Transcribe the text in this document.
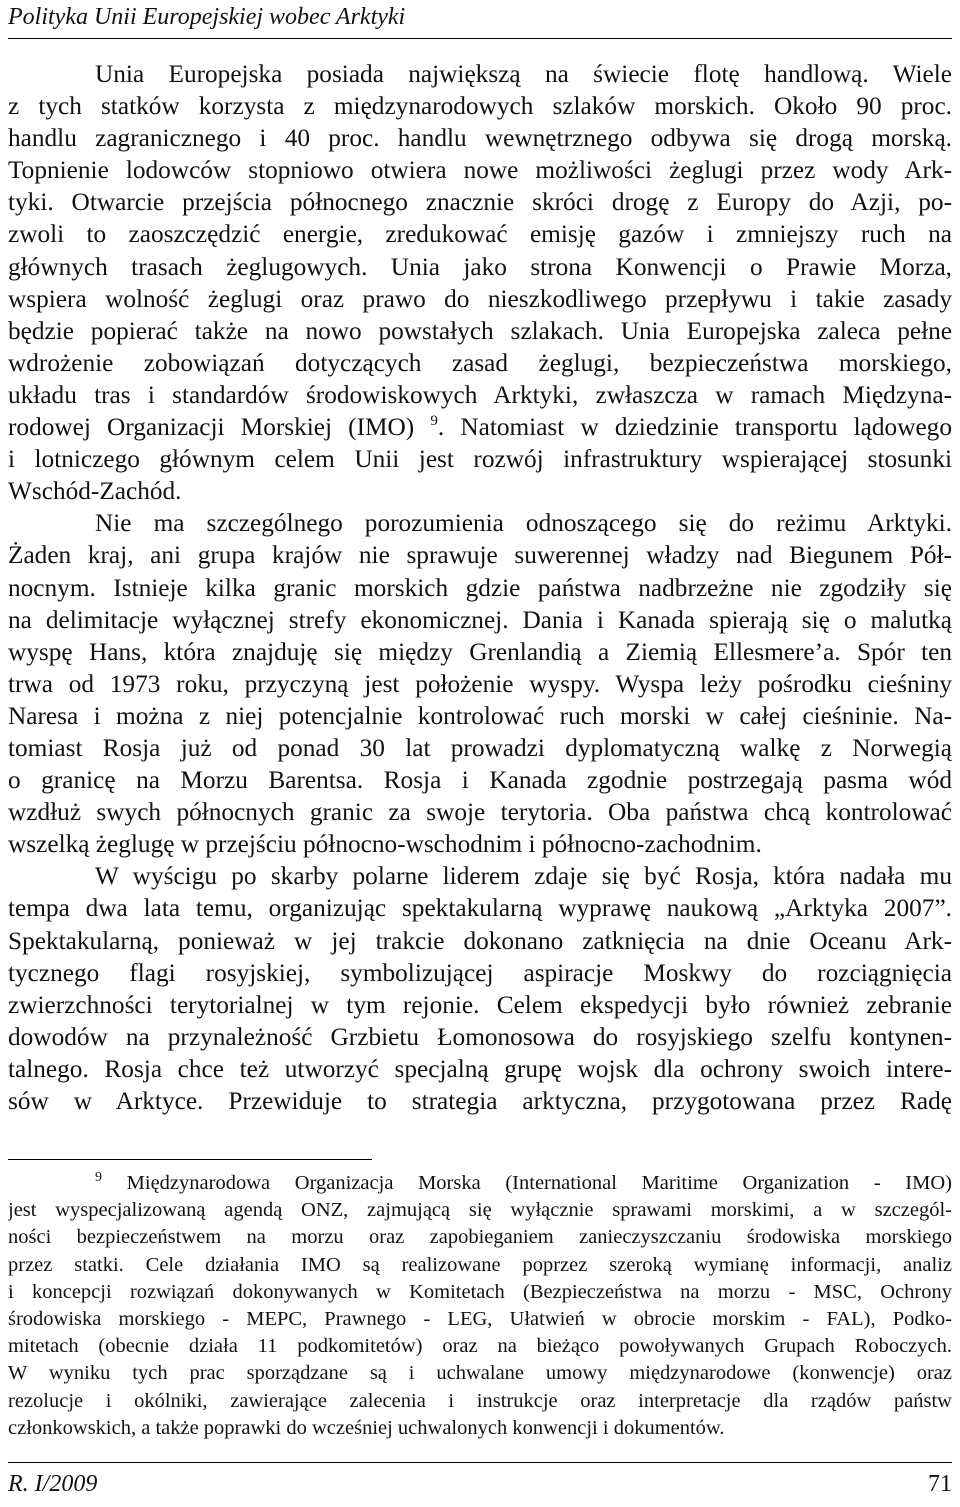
Polityka Unii Europejskiej wobec Arktyki
Unia Europejska posiada największą na świecie flotę handlową. Wiele
z tych statków korzysta z międzynarodowych szlaków morskich. Około 90 proc.
handlu zagranicznego i 40 proc. handlu wewnętrznego odbywa się drogą morską.
Topnienie lodowców stopniowo otwiera nowe możliwości żeglugi przez wody Ark-
tyki. Otwarcie przejścia północnego znacznie skróci drogę z Europy do Azji, po-
zwoli to zaoszczędzić energie, zredukować emisję gazów i zmniejszy ruch na
głównych trasach żeglugowych. Unia jako strona Konwencji o Prawie Morza,
wspiera wolność żeglugi oraz prawo do nieszkodliwego przepływu i takie zasady
będzie popierać także na nowo powstałych szlakach. Unia Europejska zaleca pełne
wdrożenie zobowiązań dotyczących zasad żeglugi, bezpieczeństwa morskiego,
układu tras i standardów środowiskowych Arktyki, zwłaszcza w ramach Międzyna-
rodowej Organizacji Morskiej (IMO) $^9$. Natomiast w dziedzinie transportu lądowego
i lotniczego głównym celem Unii jest rozwój infrastruktury wspierającej stosunki
Wschód-Zachód.
Nie ma szczególnego porozumienia odnoszącego się do reżimu Arktyki.
Żaden kraj, ani grupa krajów nie sprawuje suwerennej władzy nad Biegunem Pół-
nocnym. Istnieje kilka granic morskich gdzie państwa nadbrzeżne nie zgodziły się
na delimitacje wyłącznej strefy ekonomicznej. Dania i Kanada spierają się o malutką
wyspę Hans, która znajduję się między Grenlandią a Ziemią Ellesmere’a. Spór ten
trwa od 1973 roku, przyczyną jest położenie wyspy. Wyspa leży pośrodku cieśniny
Naresa i można z niej potencjalnie kontrolować ruch morski w całej cieśninie. Na-
tomiast Rosja już od ponad 30 lat prowadzi dyplomatyczną walkę z Norwegią
o granicę na Morzu Barentsa. Rosja i Kanada zgodnie postrzegają pasma wód
wzdłuż swych północnych granic za swoje terytoria. Oba państwa chcą kontrolować
wszelką żeglugę w przejściu północno-wschodnim i północno-zachodnim.
W wyścigu po skarby polarne liderem zdaje się być Rosja, która nadała mu
tempa dwa lata temu, organizując spektakularną wyprawę naukową „Arktyka 2007”.
Spektakularną, ponieważ w jej trakcie dokonano zatknięcia na dnie Oceanu Ark-
tycznego flagi rosyjskiej, symbolizującej aspiracje Moskwy do rozciągnięcia
zwierzchności terytorialnej w tym rejonie. Celem ekspedycji było również zebranie
dowodów na przynależność Grzbietu Łomonosowa do rosyjskiego szelfu kontynen-
talnego. Rosja chce też utworzyć specjalną grupę wojsk dla ochrony swoich intere-
sów w Arktyce. Przewiduje to strategia arktyczna, przygotowana przez Radę
$^9$ Międzynarodowa Organizacja Morska (International Maritime Organization - IMO)
jest wyspecjalizowaną agendą ONZ, zajmującą się wyłącznie sprawami morskimi, a w szczegól-
ności bezpieczeństwem na morzu oraz zapobieganiem zanieczyszczaniu środowiska morskiego
przez statki. Cele działania IMO są realizowane poprzez szeroką wymianę informacji, analiz
i koncepcji rozwiązań dokonywanych w Komitetach (Bezpieczeństwa na morzu - MSC, Ochrony
środowiska morskiego - MEPC, Prawnego - LEG, Ułatwień w obrocie morskim - FAL), Podko-
mitetach (obecnie działa 11 podkomitetów) oraz na bieżąco powoływanych Grupach Roboczych.
W wyniku tych prac sporządzane są i uchwalane umowy międzynarodowe (konwencje) oraz
rezolucje i okólniki, zawierające zalecenia i instrukcje oraz interpretacje dla rządów państw
członkowskich, a także poprawki do wcześniej uchwalonych konwencji i dokumentów.
R. I/2009	71
